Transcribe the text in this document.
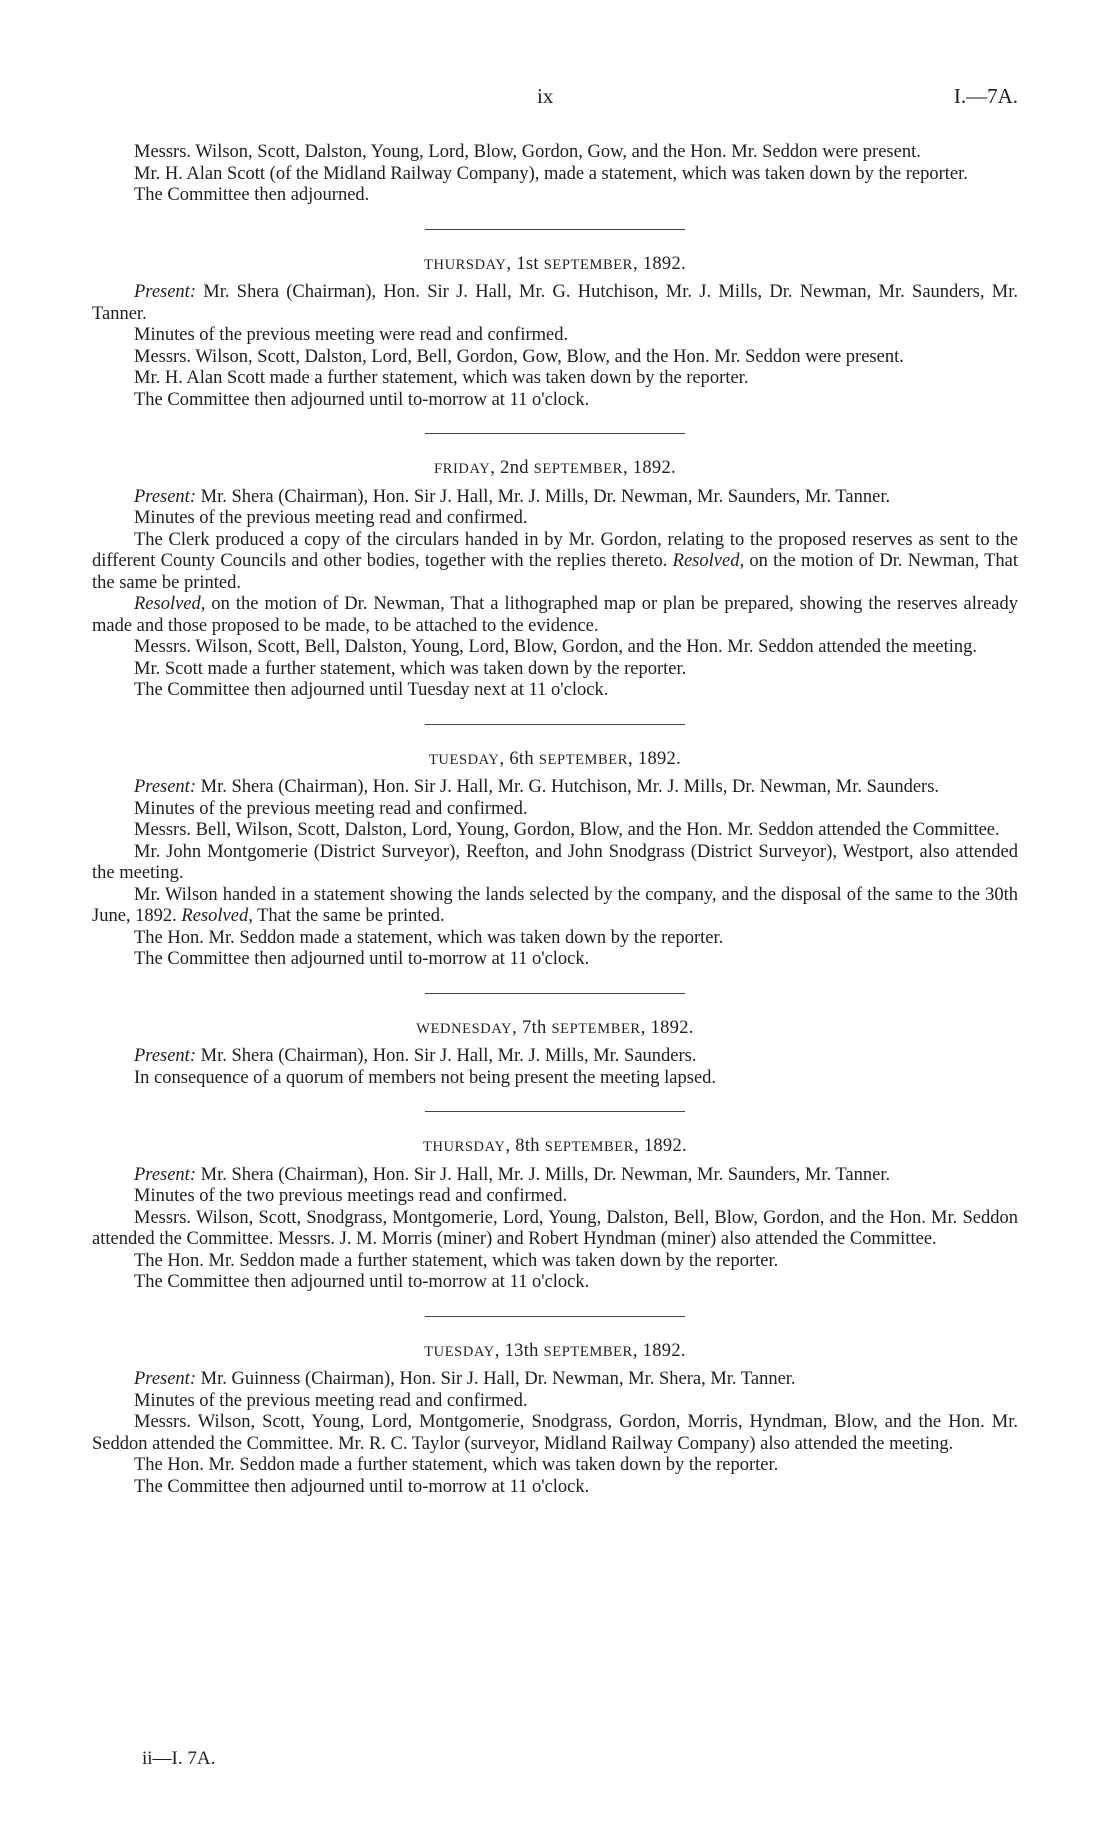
ix	I.—7A.

Messrs. Wilson, Scott, Dalston, Young, Lord, Blow, Gordon, Gow, and the Hon. Mr. Seddon were present.

Mr. H. Alan Scott (of the Midland Railway Company), made a statement, which was taken down by the reporter.

The Committee then adjourned.

THURSDAY, 1st SEPTEMBER, 1892.

Present: Mr. Shera (Chairman), Hon. Sir J. Hall, Mr. G. Hutchison, Mr. J. Mills, Dr. Newman, Mr. Saunders, Mr. Tanner.

Minutes of the previous meeting were read and confirmed.

Messrs. Wilson, Scott, Dalston, Lord, Bell, Gordon, Gow, Blow, and the Hon. Mr. Seddon were present.

Mr. H. Alan Scott made a further statement, which was taken down by the reporter.

The Committee then adjourned until to-morrow at 11 o'clock.

FRIDAY, 2nd SEPTEMBER, 1892.

Present: Mr. Shera (Chairman), Hon. Sir J. Hall, Mr. J. Mills, Dr. Newman, Mr. Saunders, Mr. Tanner.

Minutes of the previous meeting read and confirmed.

The Clerk produced a copy of the circulars handed in by Mr. Gordon, relating to the proposed reserves as sent to the different County Councils and other bodies, together with the replies thereto. Resolved, on the motion of Dr. Newman, That the same be printed.

Resolved, on the motion of Dr. Newman, That a lithographed map or plan be prepared, showing the reserves already made and those proposed to be made, to be attached to the evidence.

Messrs. Wilson, Scott, Bell, Dalston, Young, Lord, Blow, Gordon, and the Hon. Mr. Seddon attended the meeting.

Mr. Scott made a further statement, which was taken down by the reporter.

The Committee then adjourned until Tuesday next at 11 o'clock.

TUESDAY, 6th SEPTEMBER, 1892.

Present: Mr. Shera (Chairman), Hon. Sir J. Hall, Mr. G. Hutchison, Mr. J. Mills, Dr. Newman, Mr. Saunders.

Minutes of the previous meeting read and confirmed.

Messrs. Bell, Wilson, Scott, Dalston, Lord, Young, Gordon, Blow, and the Hon. Mr. Seddon attended the Committee.

Mr. John Montgomerie (District Surveyor), Reefton, and John Snodgrass (District Surveyor), Westport, also attended the meeting.

Mr. Wilson handed in a statement showing the lands selected by the company, and the disposal of the same to the 30th June, 1892. Resolved, That the same be printed.

The Hon. Mr. Seddon made a statement, which was taken down by the reporter.

The Committee then adjourned until to-morrow at 11 o'clock.

WEDNESDAY, 7th SEPTEMBER, 1892.

Present: Mr. Shera (Chairman), Hon. Sir J. Hall, Mr. J. Mills, Mr. Saunders.

In consequence of a quorum of members not being present the meeting lapsed.

THURSDAY, 8th SEPTEMBER, 1892.

Present: Mr. Shera (Chairman), Hon. Sir J. Hall, Mr. J. Mills, Dr. Newman, Mr. Saunders, Mr. Tanner.

Minutes of the two previous meetings read and confirmed.

Messrs. Wilson, Scott, Snodgrass, Montgomerie, Lord, Young, Dalston, Bell, Blow, Gordon, and the Hon. Mr. Seddon attended the Committee. Messrs. J. M. Morris (miner) and Robert Hyndman (miner) also attended the Committee.

The Hon. Mr. Seddon made a further statement, which was taken down by the reporter.

The Committee then adjourned until to-morrow at 11 o'clock.

TUESDAY, 13th SEPTEMBER, 1892.

Present: Mr. Guinness (Chairman), Hon. Sir J. Hall, Dr. Newman, Mr. Shera, Mr. Tanner.

Minutes of the previous meeting read and confirmed.

Messrs. Wilson, Scott, Young, Lord, Montgomerie, Snodgrass, Gordon, Morris, Hyndman, Blow, and the Hon. Mr. Seddon attended the Committee. Mr. R. C. Taylor (surveyor, Midland Railway Company) also attended the meeting.

The Hon. Mr. Seddon made a further statement, which was taken down by the reporter.

The Committee then adjourned until to-morrow at 11 o'clock.

ii—I. 7A.
